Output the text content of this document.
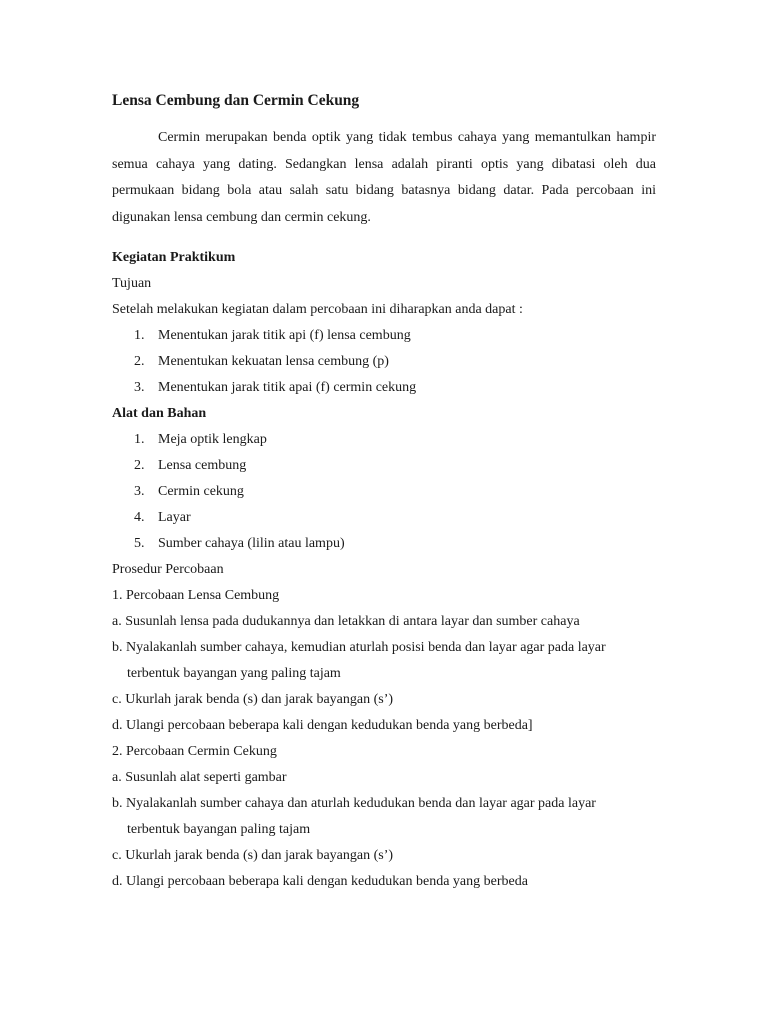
Lensa Cembung dan Cermin Cekung

Cermin merupakan benda optik yang tidak tembus cahaya yang memantulkan hampir semua cahaya yang dating. Sedangkan lensa adalah piranti optis yang dibatasi oleh dua permukaan bidang bola atau salah satu bidang batasnya bidang datar. Pada percobaan ini digunakan lensa cembung dan cermin cekung.

Kegiatan Praktikum
Tujuan
Setelah melakukan kegiatan dalam percobaan ini diharapkan anda dapat :
1. Menentukan jarak titik api (f) lensa cembung
2. Menentukan kekuatan lensa cembung (p)
3. Menentukan jarak titik apai (f) cermin cekung
Alat dan Bahan
1. Meja optik lengkap
2. Lensa cembung
3. Cermin cekung
4. Layar
5. Sumber cahaya (lilin atau lampu)
Prosedur Percobaan
1. Percobaan Lensa Cembung
a. Susunlah lensa pada dudukannya dan letakkan di antara layar dan sumber cahaya
b. Nyalakanlah sumber cahaya, kemudian aturlah posisi benda dan layar agar pada layar
terbentuk bayangan yang paling tajam
c. Ukurlah jarak benda (s) dan jarak bayangan (s’)
d. Ulangi percobaan beberapa kali dengan kedudukan benda yang berbeda]
2. Percobaan Cermin Cekung
a. Susunlah alat seperti gambar
b. Nyalakanlah sumber cahaya dan aturlah kedudukan benda dan layar agar pada layar
terbentuk bayangan paling tajam
c. Ukurlah jarak benda (s) dan jarak bayangan (s’)
d. Ulangi percobaan beberapa kali dengan kedudukan benda yang berbeda
